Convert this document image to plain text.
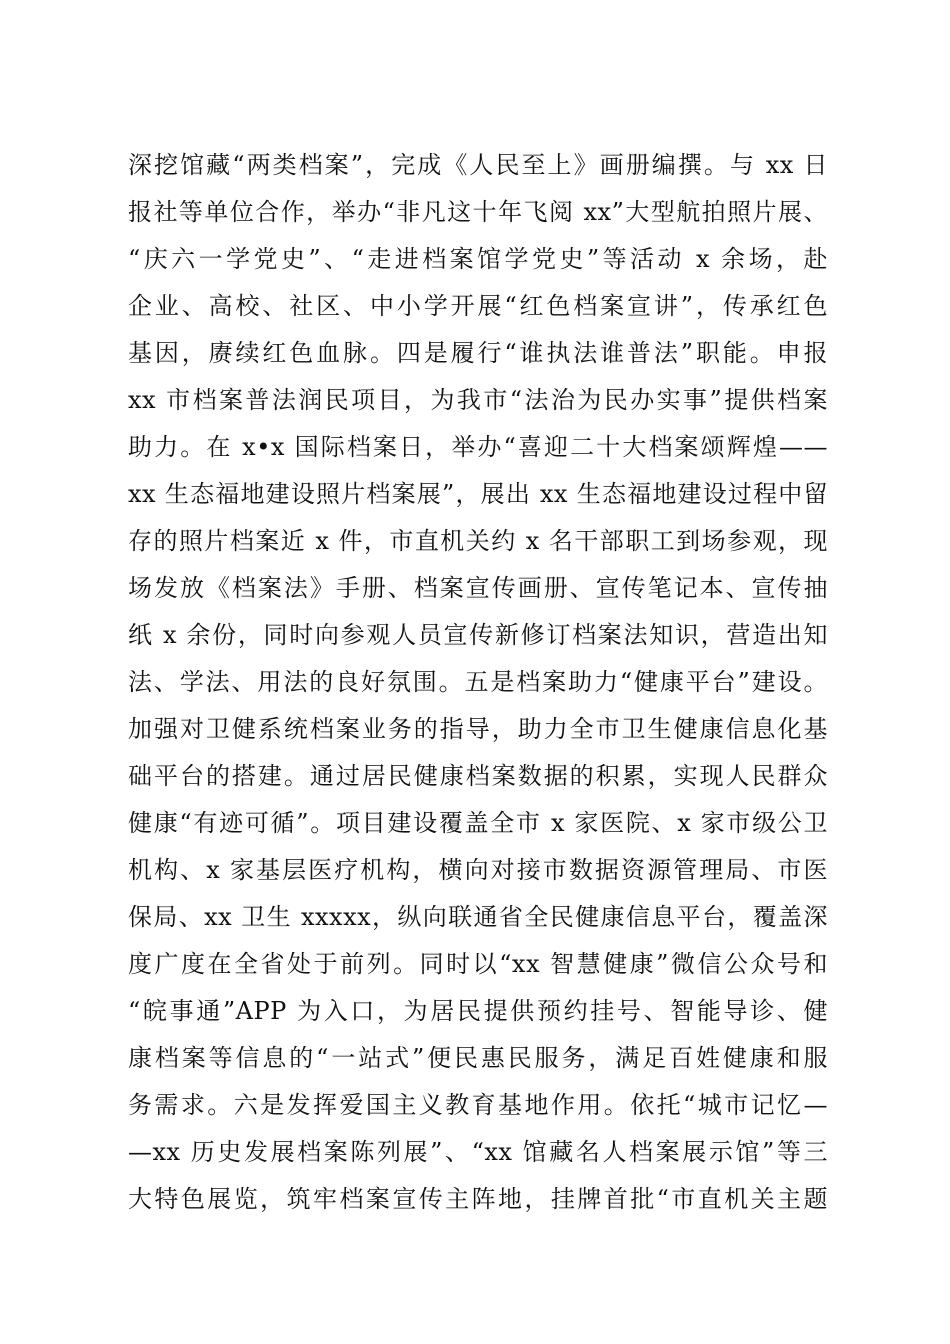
深挖馆藏“两类档案”，完成《人民至上》画册编撰。与 xx 日
报社等单位合作，举办“非凡这十年飞阅 xx”大型航拍照片展、
“庆六一学党史”、“走进档案馆学党史”等活动 x 余场，赴
企业、高校、社区、中小学开展“红色档案宣讲”，传承红色
基因，赓续红色血脉。四是履行“谁执法谁普法”职能。申报
xx 市档案普法润民项目，为我市“法治为民办实事”提供档案
助力。在 x•x 国际档案日，举办“喜迎二十大档案颂辉煌——
xx 生态福地建设照片档案展”，展出 xx 生态福地建设过程中留
存的照片档案近 x 件，市直机关约 x 名干部职工到场参观，现
场发放《档案法》手册、档案宣传画册、宣传笔记本、宣传抽
纸 x 余份，同时向参观人员宣传新修订档案法知识，营造出知
法、学法、用法的良好氛围。五是档案助力“健康平台”建设。
加强对卫健系统档案业务的指导，助力全市卫生健康信息化基
础平台的搭建。通过居民健康档案数据的积累，实现人民群众
健康“有迹可循”。项目建设覆盖全市 x 家医院、x 家市级公卫
机构、x 家基层医疗机构，横向对接市数据资源管理局、市医
保局、xx 卫生 xxxxx，纵向联通省全民健康信息平台，覆盖深
度广度在全省处于前列。同时以“xx 智慧健康”微信公众号和
“皖事通”APP 为入口，为居民提供预约挂号、智能导诊、健
康档案等信息的“一站式”便民惠民服务，满足百姓健康和服
务需求。六是发挥爱国主义教育基地作用。依托“城市记忆—
—xx 历史发展档案陈列展”、“xx 馆藏名人档案展示馆”等三
大特色展览，筑牢档案宣传主阵地，挂牌首批“市直机关主题
